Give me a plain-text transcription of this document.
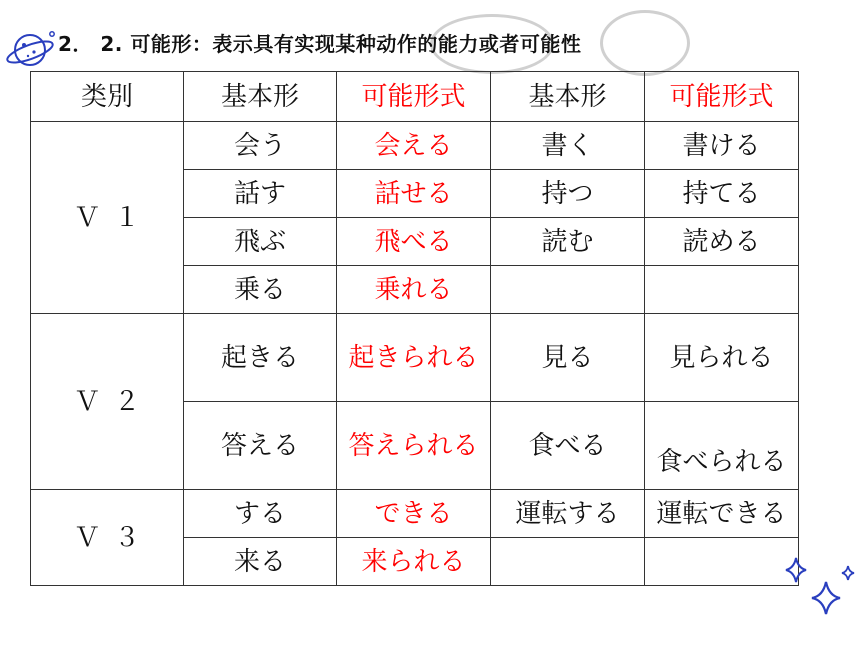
2． 2. 可能形：表示具有实现某种动作的能力或者可能性
类別	基本形	可能形式	基本形	可能形式
Ｖ１	会う	会える	書く	書ける
	話す	話せる	持つ	持てる
	飛ぶ	飛べる	読む	読める
	乗る	乗れる		
Ｖ２	起きる	起きられる	見る	見られる
	答える	答えられる	食べる	食べられる
Ｖ３	する	できる	運転する	運転できる
	来る	来られる		
